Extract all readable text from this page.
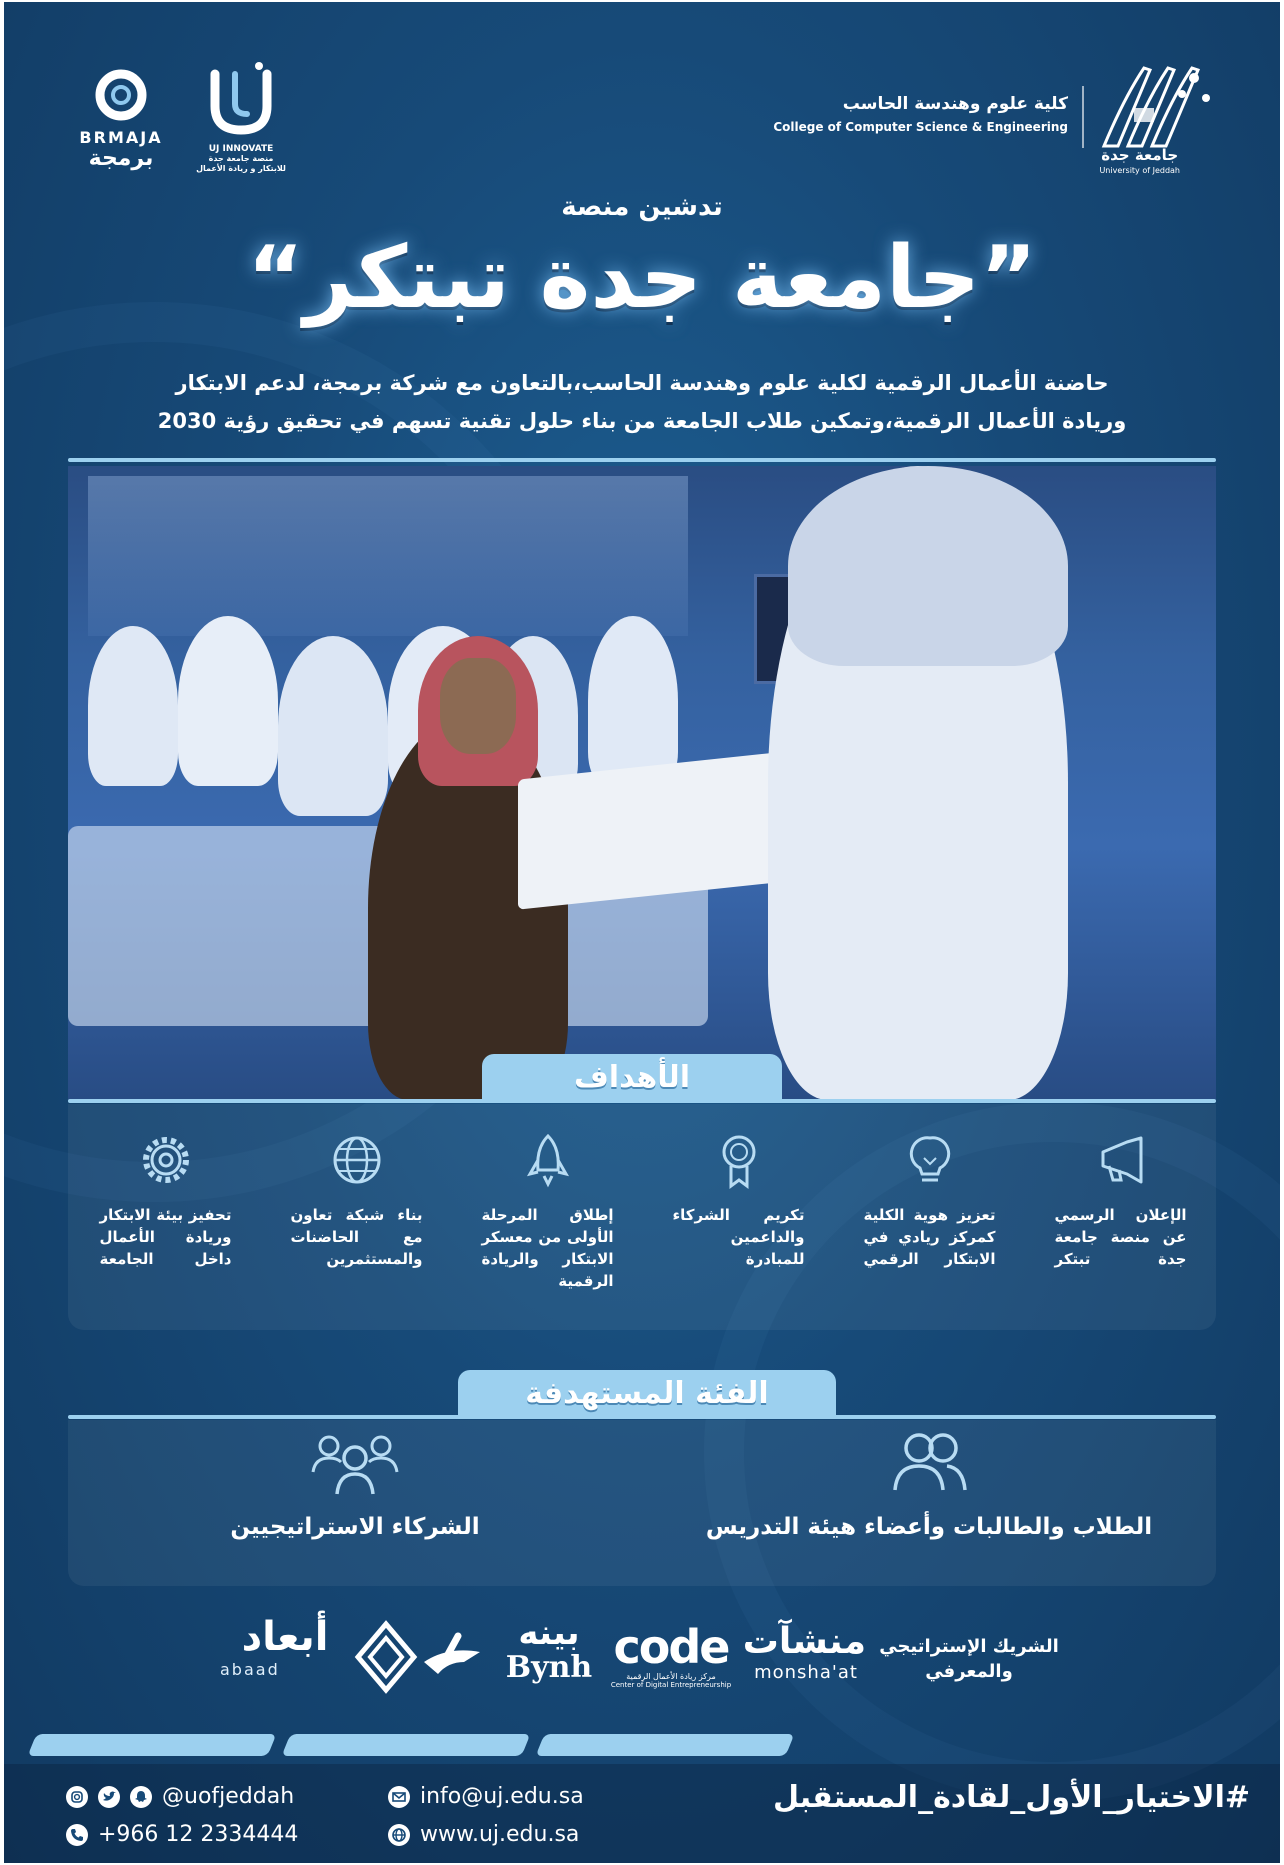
جامعة جدة
University of Jeddah
كلية علوم وهندسة الحاسب
College of Computer Science & Engineering
UJ INNOVATE
منصة جامعة جدة للابتكار و ريادة الأعمال
BRMAJA
برمجة
تدشين منصة
”جامعة جدة تبتكر“
حاضنة الأعمال الرقمية لكلية علوم وهندسة الحاسب،بالتعاون مع شركة برمجة، لدعم الابتكار
وريادة الأعمال الرقمية،وتمكين طلاب الجامعة من بناء حلول تقنية تسهم في تحقيق رؤية 2030
الأهداف
الإعلان الرسمي عن منصة جامعة جدة تبتكر
تعزيز هوية الكلية كمركز ريادي في الابتكار الرقمي
تكريم الشركاء والداعمين للمبادرة
إطلاق المرحلة الأولى من معسكر الابتكار والريادة الرقمية
بناء شبكة تعاون مع الحاضنات والمستثمرين
تحفيز بيئة الابتكار وريادة الأعمال داخل الجامعة
الفئة المستهدفة
الطلاب والطالبات وأعضاء هيئة التدريس
الشركاء الاستراتيجيين
الشريك الإستراتيجي
والمعرفي
منشآت
monsha'at
code
مركز ريادة الأعمال الرقمية
Center of Digital Entrepreneurship
بينه
Bynh
أبعاد
abaad
#الاختيار_الأول_لقادة_المستقبل
info@uj.edu.sa
www.uj.edu.sa
@uofjeddah
+966 12 2334444
